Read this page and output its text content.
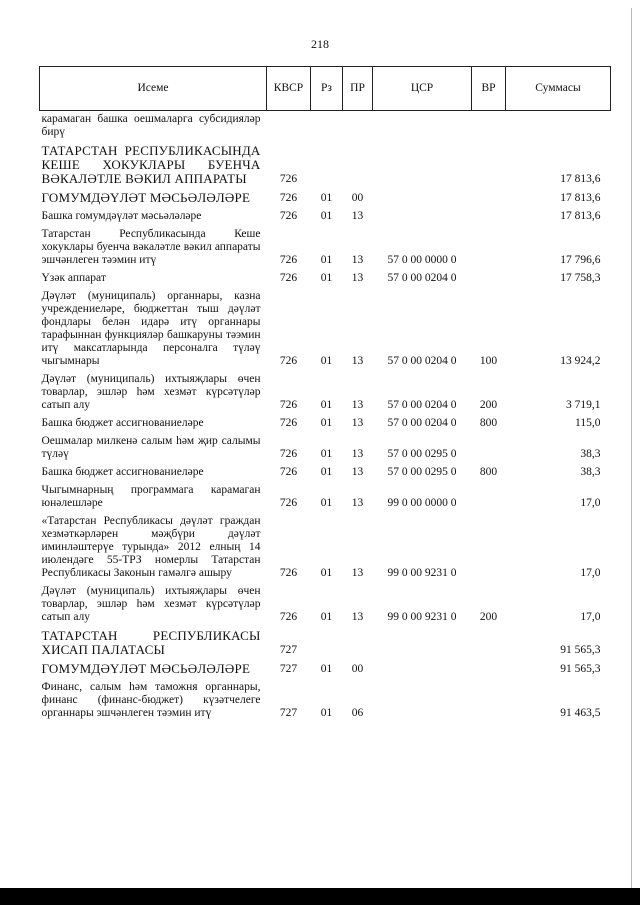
218
Исеме	КВСР	Рз	ПР	ЦСР	ВР	Суммасы
карамаган башка оешмаларга субсидияләр бирү						
ТАТАРСТАН РЕСПУБЛИКАСЫНДА КЕШЕ ХОКУКЛАРЫ БУЕНЧА ВӘКАЛӘТЛЕ ВӘКИЛ АППАРАТЫ	726					17 813,6
ГОМУМДӘҮЛӘТ МӘСЬӘЛӘЛӘРЕ	726	01	00			17 813,6
Башка гомумдәүләт мәсьәләләре	726	01	13			17 813,6
Татарстан Республикасында Кеше хокуклары буенча вәкаләтле вәкил аппараты эшчәнлеген тәэмин итү	726	01	13	57 0 00 0000 0		17 796,6
Үзәк аппарат	726	01	13	57 0 00 0204 0		17 758,3
Дәүләт (муниципаль) органнары, казна учреждениеләре, бюджеттан тыш дәүләт фондлары белән идарә итү органнары тарафыннан функцияләр башкаруны тәэмин итү максатларында персоналга түләү чыгымнары	726	01	13	57 0 00 0204 0	100	13 924,2
Дәүләт (муниципаль) ихтыяҗлары өчен товарлар, эшләр һәм хезмәт күрсәтүләр сатып алу	726	01	13	57 0 00 0204 0	200	3 719,1
Башка бюджет ассигнованиеләре	726	01	13	57 0 00 0204 0	800	115,0
Оешмалар милкенә салым һәм җир салымы түләү	726	01	13	57 0 00 0295 0		38,3
Башка бюджет ассигнованиеләре	726	01	13	57 0 00 0295 0	800	38,3
Чыгымнарның программага карамаган юнәлешләре	726	01	13	99 0 00 0000 0		17,0
«Татарстан Республикасы дәүләт граждан хезмәткәрләрен мәҗбүри дәүләт иминләштерүе турында» 2012 елның 14 июлендәге 55-ТРЗ номерлы Татарстан Республикасы Законын гамәлгә ашыру	726	01	13	99 0 00 9231 0		17,0
Дәүләт (муниципаль) ихтыяҗлары өчен товарлар, эшләр һәм хезмәт күрсәтүләр сатып алу	726	01	13	99 0 00 9231 0	200	17,0
ТАТАРСТАН РЕСПУБЛИКАСЫ ХИСАП ПАЛАТАСЫ	727					91 565,3
ГОМУМДӘҮЛӘТ МӘСЬӘЛӘЛӘРЕ	727	01	00			91 565,3
Финанс, салым һәм таможня органнары, финанс (финанс-бюджет) күзәтчелеге органнары эшчәнлеген тәэмин итү	727	01	06			91 463,5
